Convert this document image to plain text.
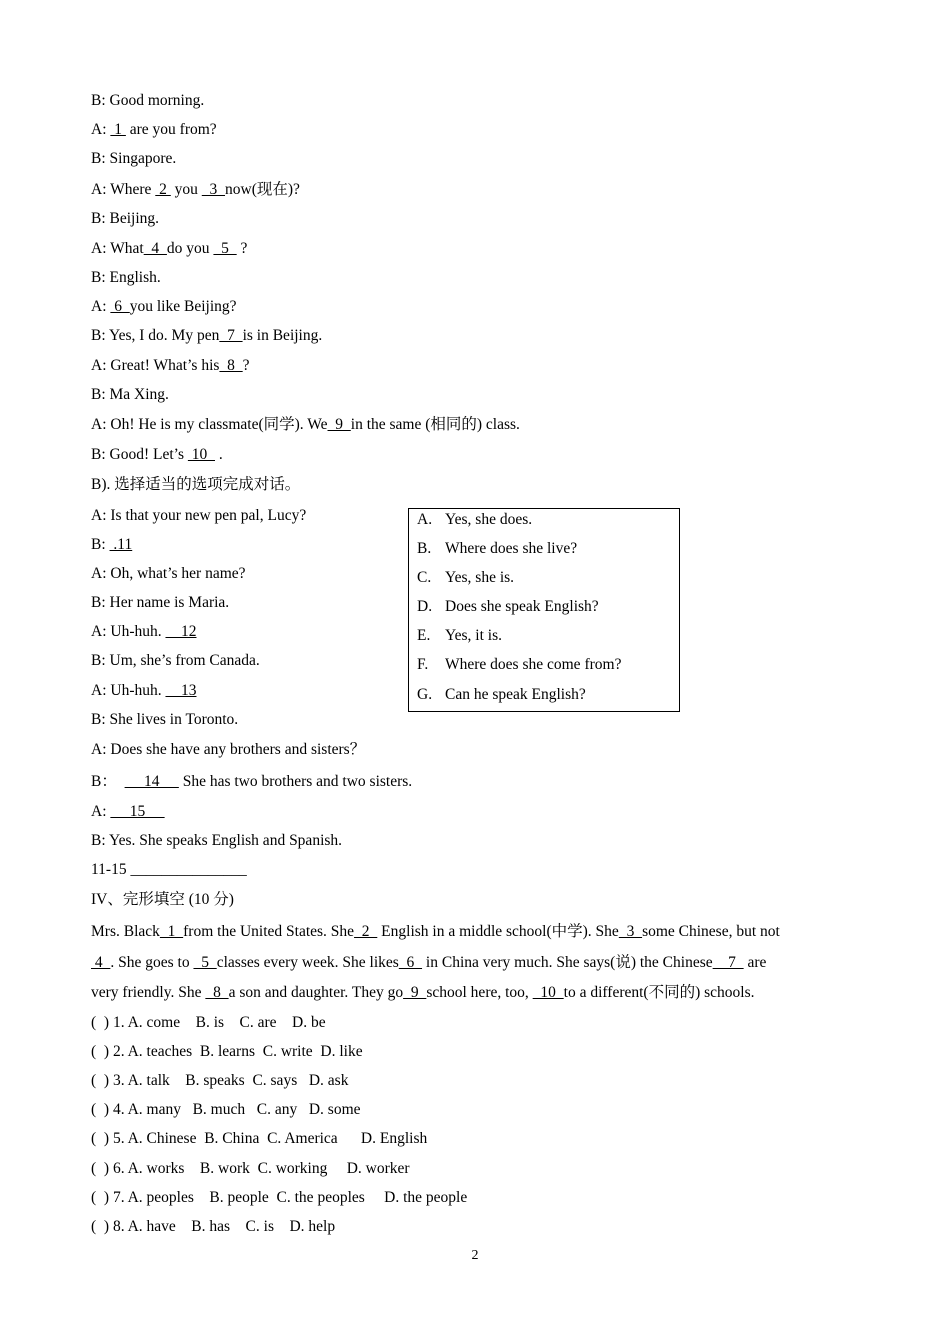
B: Good morning.
A:  1  are you from?
B: Singapore.
A: Where  2  you   3  now(现在)?
B: Beijing.
A: What  4  do you   5   ?
B: English.
A:  6  you like Beijing?
B: Yes, I do. My pen  7  is in Beijing.
A: Great! What’s his  8  ?
B: Ma Xing.
A: Oh! He is my classmate(同学). We  9  in the same (相同的) class.
B: Good! Let’s  10   .
B). 选择适当的选项完成对话。
A: Is that your new pen pal, Lucy?
B:  .11
A: Oh, what’s her name?
B: Her name is Maria.
A: Uh-huh.     12
B: Um, she’s from Canada.
A: Uh-huh.     13
B: She lives in Toronto.
A: Does she have any brothers and sisters？
B：       14      She has two brothers and two sisters.
A:      15
B: Yes. She speaks English and Spanish.
A. Yes, she does.
B. Where does she live?
C. Yes, she is.
D. Does she speak English?
E. Yes, it is.
F. Where does she come from?
G. Can he speak English?
11-15 _______________
IV、完形填空 (10 分)
Mrs. Black  1  from the United States. She  2   English in a middle school(中学). She  3  some Chinese, but not
4  . She goes to   5  classes every week. She likes  6   in China very much. She says(说) the Chinese    7   are
very friendly. She   8  a son and daughter. They go  9  school here, too,   10  to a different(不同的) schools.
(  ) 1. A. come    B. is    C. are    D. be
(  ) 2. A. teaches  B. learns  C. write  D. like
(  ) 3. A. talk    B. speaks  C. says   D. ask
(  ) 4. A. many   B. much   C. any   D. some
(  ) 5. A. Chinese  B. China  C. America      D. English
(  ) 6. A. works    B. work  C. working     D. worker
(  ) 7. A. peoples    B. people  C. the peoples     D. the people
(  ) 8. A. have    B. has    C. is    D. help
2
